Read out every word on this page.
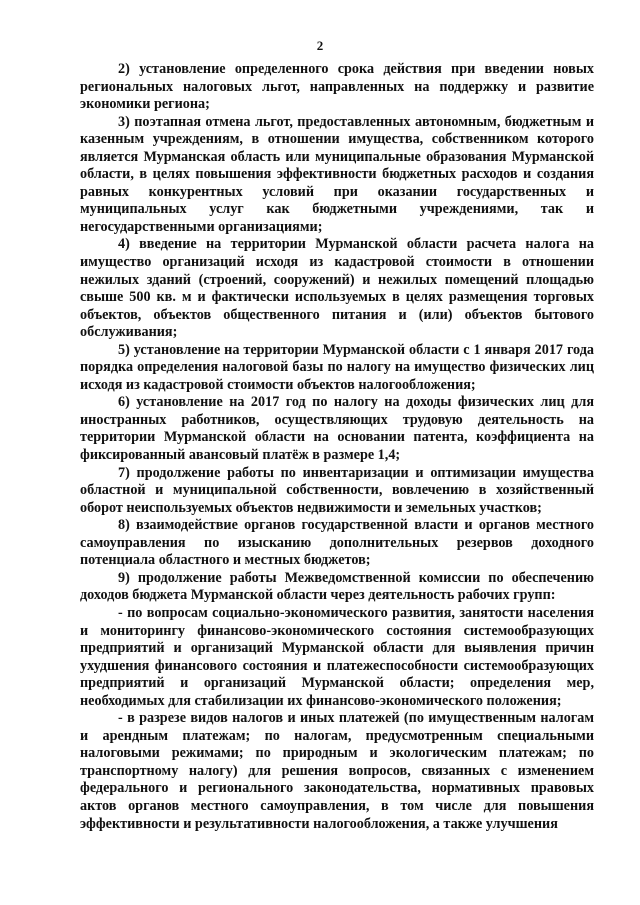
2

2) установление определенного срока действия при введении новых региональных налоговых льгот, направленных на поддержку и развитие экономики региона;

3) поэтапная отмена льгот, предоставленных автономным, бюджетным и казенным учреждениям, в отношении имущества, собственником которого является Мурманская область или муниципальные образования Мурманской области, в целях повышения эффективности бюджетных расходов и создания равных конкурентных условий при оказании государственных и муниципальных услуг как бюджетными учреждениями, так и негосударственными организациями;

4) введение на территории Мурманской области расчета налога на имущество организаций исходя из кадастровой стоимости в отношении нежилых зданий (строений, сооружений) и нежилых помещений площадью свыше 500 кв. м и фактически используемых в целях размещения торговых объектов, объектов общественного питания и (или) объектов бытового обслуживания;

5) установление на территории Мурманской области с 1 января 2017 года порядка определения налоговой базы по налогу на имущество физических лиц исходя из кадастровой стоимости объектов налогообложения;

6) установление на 2017 год по налогу на доходы физических лиц для иностранных работников, осуществляющих трудовую деятельность на территории Мурманской области на основании патента, коэффициента на фиксированный авансовый платёж в размере 1,4;

7) продолжение работы по инвентаризации и оптимизации имущества областной и муниципальной собственности, вовлечению в хозяйственный оборот неиспользуемых объектов недвижимости и земельных участков;

8) взаимодействие органов государственной власти и органов местного самоуправления по изысканию дополнительных резервов доходного потенциала областного и местных бюджетов;

9) продолжение работы Межведомственной комиссии по обеспечению доходов бюджета Мурманской области через деятельность рабочих групп:

- по вопросам социально-экономического развития, занятости населения и мониторингу финансово-экономического состояния системообразующих предприятий и организаций Мурманской области для выявления причин ухудшения финансового состояния и платежеспособности системообразующих предприятий и организаций Мурманской области; определения мер, необходимых для стабилизации их финансово-экономического положения;

- в разрезе видов налогов и иных платежей (по имущественным налогам и арендным платежам; по налогам, предусмотренным специальными налоговыми режимами; по природным и экологическим платежам; по транспортному налогу) для решения вопросов, связанных с изменением федерального и регионального законодательства, нормативных правовых актов органов местного самоуправления, в том числе для повышения эффективности и результативности налогообложения, а также улучшения
